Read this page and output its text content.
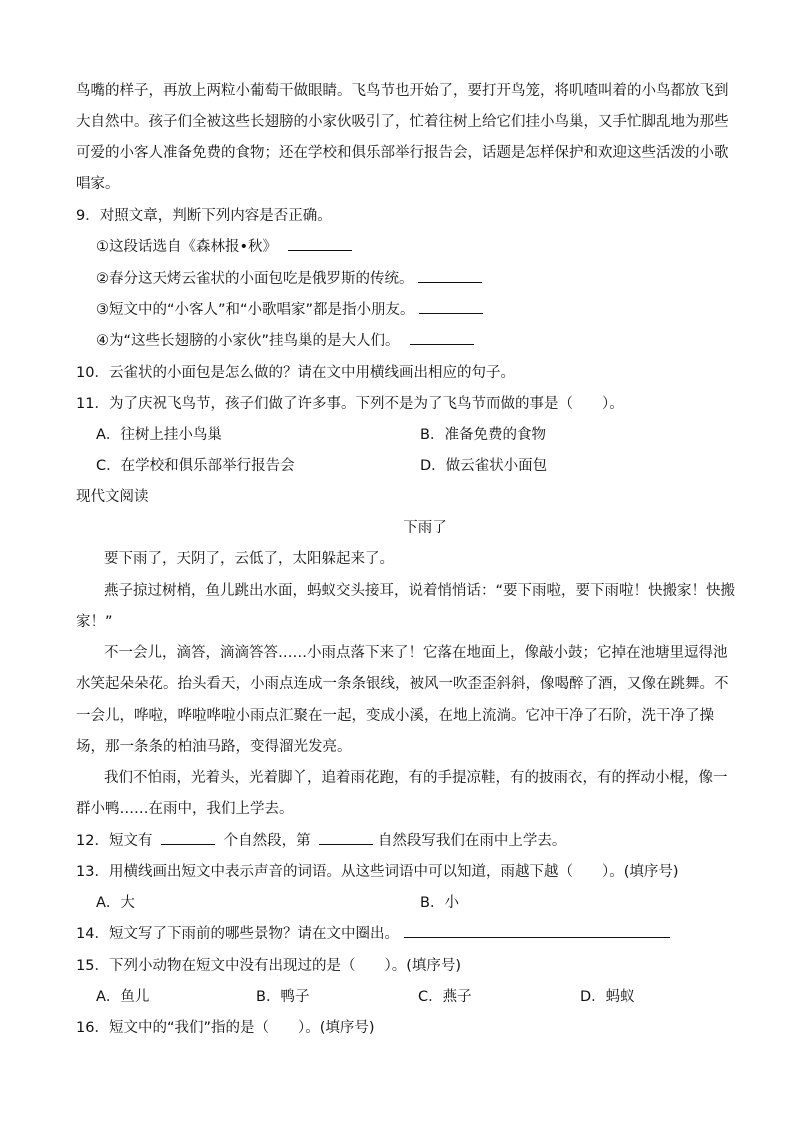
鸟嘴的样子，再放上两粒小葡萄干做眼睛。飞鸟节也开始了，要打开鸟笼，将叽喳叫着的小鸟都放飞到
大自然中。孩子们全被这些长翅膀的小家伙吸引了，忙着往树上给它们挂小鸟巢，又手忙脚乱地为那些
可爱的小客人准备免费的食物；还在学校和俱乐部举行报告会，话题是怎样保护和欢迎这些活泼的小歌
唱家。
9．对照文章，判断下列内容是否正确。
①这段话选自《森林报•秋》
②春分这天烤云雀状的小面包吃是俄罗斯的传统。
③短文中的“小客人”和“小歌唱家”都是指小朋友。
④为“这些长翅膀的小家伙”挂鸟巢的是大人们。
10．云雀状的小面包是怎么做的？请在文中用横线画出相应的句子。
11．为了庆祝飞鸟节，孩子们做了许多事。下列不是为了飞鸟节而做的事是（　　）。
A．往树上挂小鸟巢	B．准备免费的食物
C．在学校和俱乐部举行报告会	D．做云雀状小面包
现代文阅读
下雨了
要下雨了，天阴了，云低了，太阳躲起来了。
燕子掠过树梢，鱼儿跳出水面，蚂蚁交头接耳，说着悄悄话：“要下雨啦，要下雨啦！快搬家！快搬
家！”
不一会儿，滴答，滴滴答答……小雨点落下来了！它落在地面上，像敲小鼓；它掉在池塘里逗得池
水笑起朵朵花。抬头看天，小雨点连成一条条银线，被风一吹歪歪斜斜，像喝醉了酒，又像在跳舞。不
一会儿，哗啦，哗啦哗啦小雨点汇聚在一起，变成小溪，在地上流淌。它冲干净了石阶，洗干净了操
场，那一条条的柏油马路，变得溜光发亮。
我们不怕雨，光着头，光着脚丫，追着雨花跑，有的手提凉鞋，有的披雨衣，有的挥动小棍，像一
群小鸭……在雨中，我们上学去。
12．短文有	个自然段，第	自然段写我们在雨中上学去。
13．用横线画出短文中表示声音的词语。从这些词语中可以知道，雨越下越（　　）。(填序号)
A．大	B．小
14．短文写了下雨前的哪些景物？请在文中圈出。
15．下列小动物在短文中没有出现过的是（　　）。(填序号)
A．鱼儿	B．鸭子	C．燕子	D．蚂蚁
16．短文中的“我们”指的是（　　）。(填序号)
